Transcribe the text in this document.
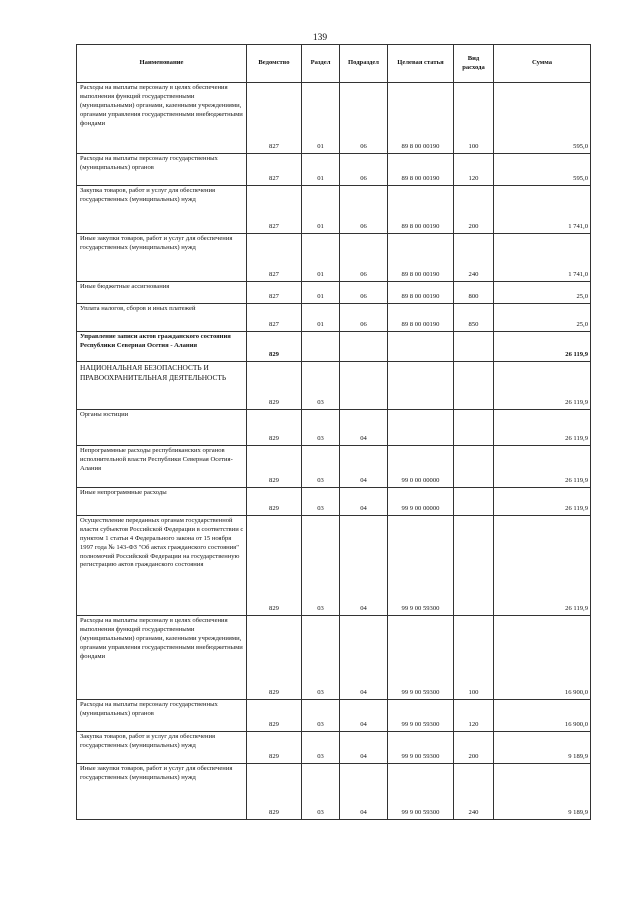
139
Наименование	Ведомство	Раздел	Подраздел	Целевая статья	Вид расхода	Сумма
Расходы на выплаты персоналу в целях обеспечения выполнения функций государственными (муниципальными) органами, казенными учреждениями, органами управления государственными внебюджетными фондами	827	01	06	89 8 00 00190	100	595,0
Расходы на выплаты персоналу государственных (муниципальных) органов	827	01	06	89 8 00 00190	120	595,0
Закупка товаров, работ и услуг для обеспечения государственных (муниципальных) нужд	827	01	06	89 8 00 00190	200	1 741,0
Иные закупки товаров, работ и услуг для обеспечения государственных (муниципальных) нужд	827	01	06	89 8 00 00190	240	1 741,0
Иные бюджетные ассигнования	827	01	06	89 8 00 00190	800	25,0
Уплата налогов, сборов и иных платежей	827	01	06	89 8 00 00190	850	25,0
Управление записи актов гражданского состояния Республики Северная Осетия - Алания	829					26 119,9
НАЦИОНАЛЬНАЯ БЕЗОПАСНОСТЬ И ПРАВООХРАНИТЕЛЬНАЯ ДЕЯТЕЛЬНОСТЬ	829	03				26 119,9
Органы юстиции	829	03	04			26 119,9
Непрограммные расходы республиканских органов исполнительной власти Республики Северная Осетия-Алания	829	03	04	99 0 00 00000		26 119,9
Иные непрограммные расходы	829	03	04	99 9 00 00000		26 119,9
Осуществление переданных органам государственной власти субъектов Российской Федерации в соответствии с пунктом 1 статьи 4 Федерального закона от 15 ноября 1997 года № 143-ФЗ "Об актах гражданского состояния" полномочий Российской Федерации на государственную регистрацию актов гражданского состояния	829	03	04	99 9 00 59300		26 119,9
Расходы на выплаты персоналу в целях обеспечения выполнения функций государственными (муниципальными) органами, казенными учреждениями, органами управления государственными внебюджетными фондами	829	03	04	99 9 00 59300	100	16 900,0
Расходы на выплаты персоналу государственных (муниципальных) органов	829	03	04	99 9 00 59300	120	16 900,0
Закупка товаров, работ и услуг для обеспечения государственных (муниципальных) нужд	829	03	04	99 9 00 59300	200	9 189,9
Иные закупки товаров, работ и услуг для обеспечения государственных (муниципальных) нужд	829	03	04	99 9 00 59300	240	9 189,9
